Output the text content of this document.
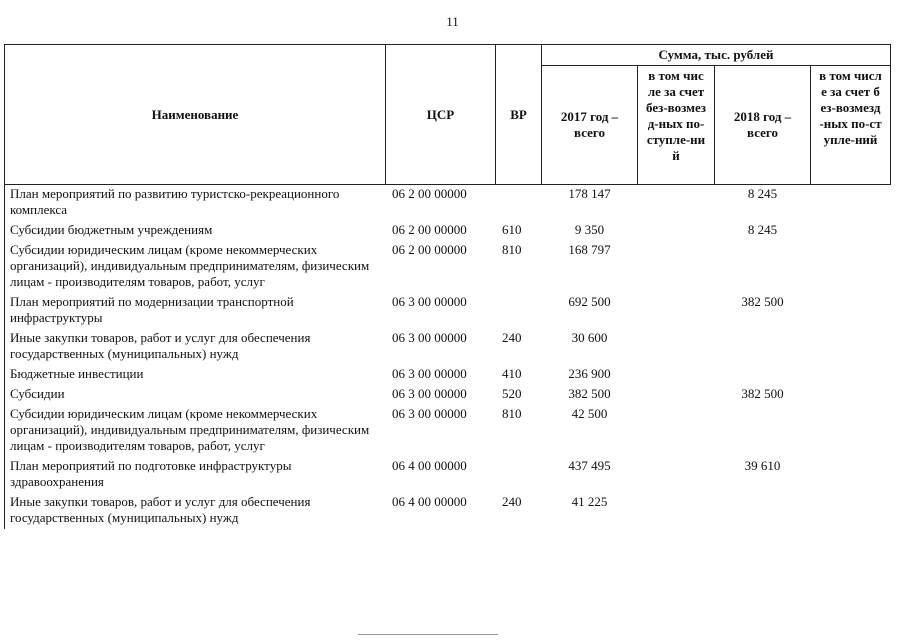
11
Наименование	ЦСР	ВР	Сумма, тыс. рублей			
			2017 год – всего	в том числе за счет без-возмезд-ных по-ступле-ний	2018 год – всего	в том числе за счет без-возмезд-ных по-ступле-ний
План мероприятий по развитию туристско-рекреационного комплекса	06 2 00 00000		178 147		8 245	
Субсидии бюджетным учреждениям	06 2 00 00000	610	9 350		8 245	
Субсидии юридическим лицам (кроме некоммерческих организаций), индивидуальным предпринимателям, физическим лицам - производителям товаров, работ, услуг	06 2 00 00000	810	168 797			
План мероприятий по модернизации транспортной инфраструктуры	06 3 00 00000		692 500		382 500	
Иные закупки товаров, работ и услуг для обеспечения государственных (муниципальных) нужд	06 3 00 00000	240	30 600			
Бюджетные инвестиции	06 3 00 00000	410	236 900			
Субсидии	06 3 00 00000	520	382 500		382 500	
Субсидии юридическим лицам (кроме некоммерческих организаций), индивидуальным предпринимателям, физическим лицам - производителям товаров, работ, услуг	06 3 00 00000	810	42 500			
План мероприятий по подготовке инфраструктуры здравоохранения	06 4 00 00000		437 495		39 610	
Иные закупки товаров, работ и услуг для обеспечения государственных (муниципальных) нужд	06 4 00 00000	240	41 225			
